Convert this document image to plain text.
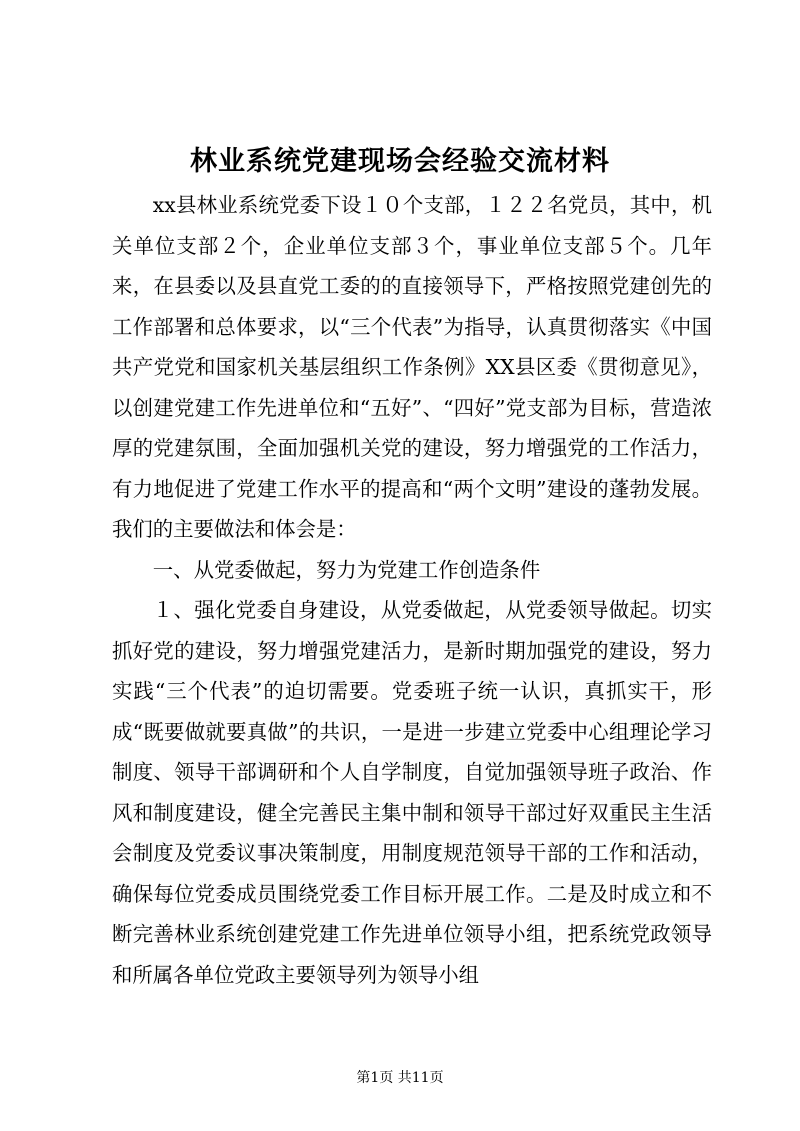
林业系统党建现场会经验交流材料

xx县林业系统党委下设１０个支部，１２２名党员，其中，机关单位支部２个，企业单位支部３个，事业单位支部５个。几年来，在县委以及县直党工委的的直接领导下，严格按照党建创先的工作部署和总体要求，以“三个代表”为指导，认真贯彻落实《中国共产党党和国家机关基层组织工作条例》XX县区委《贯彻意见》，以创建党建工作先进单位和“五好”、“四好”党支部为目标，营造浓厚的党建氛围，全面加强机关党的建设，努力增强党的工作活力，有力地促进了党建工作水平的提高和“两个文明”建设的蓬勃发展。我们的主要做法和体会是：

一、从党委做起，努力为党建工作创造条件

１、强化党委自身建设，从党委做起，从党委领导做起。切实抓好党的建设，努力增强党建活力，是新时期加强党的建设，努力实践“三个代表”的迫切需要。党委班子统一认识，真抓实干，形成“既要做就要真做”的共识，一是进一步建立党委中心组理论学习制度、领导干部调研和个人自学制度，自觉加强领导班子政治、作风和制度建设，健全完善民主集中制和领导干部过好双重民主生活会制度及党委议事决策制度，用制度规范领导干部的工作和活动，确保每位党委成员围绕党委工作目标开展工作。二是及时成立和不断完善林业系统创建党建工作先进单位领导小组，把系统党政领导和所属各单位党政主要领导列为领导小组

第1页 共11页
